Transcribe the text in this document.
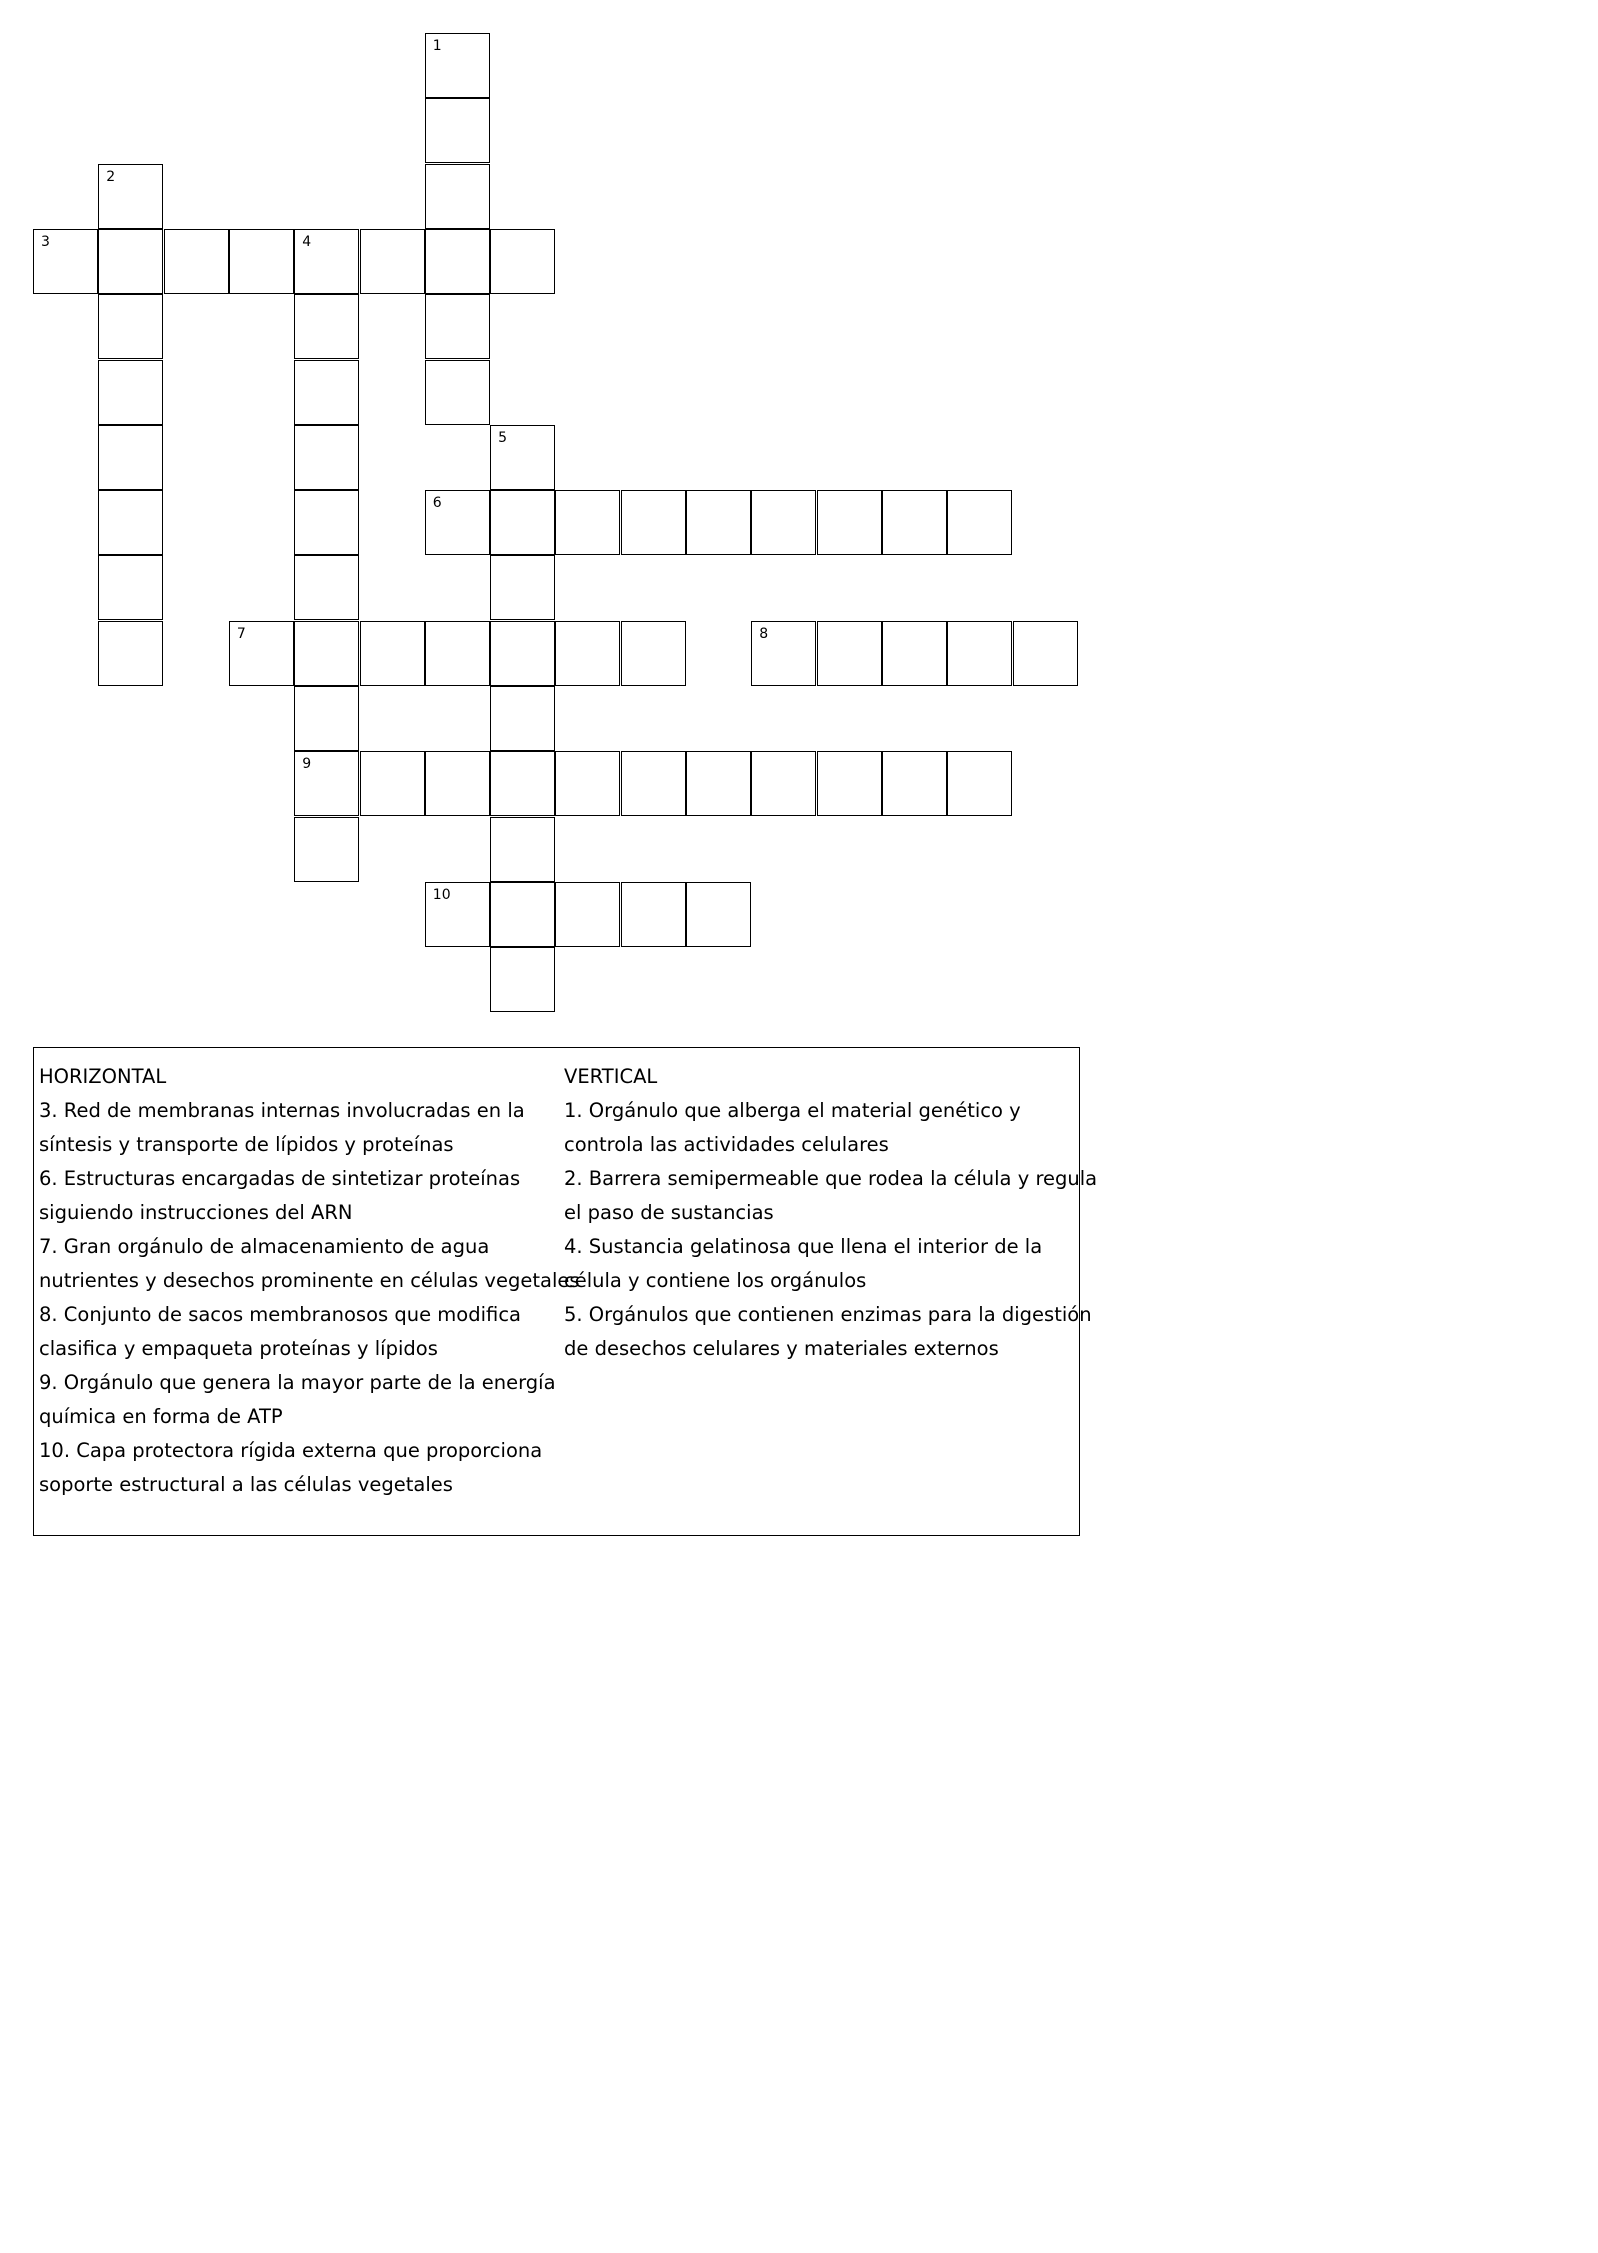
1
2
3	4
5
6
7	8
9
10
HORIZONTAL
3. Red de membranas internas involucradas en la
síntesis y transporte de lípidos y proteínas
6. Estructuras encargadas de sintetizar proteínas
siguiendo instrucciones del ARN
7. Gran orgánulo de almacenamiento de agua
nutrientes y desechos prominente en células vegetales
8. Conjunto de sacos membranosos que modifica
clasifica y empaqueta proteínas y lípidos
9. Orgánulo que genera la mayor parte de la energía
química en forma de ATP
10. Capa protectora rígida externa que proporciona
soporte estructural a las células vegetales
VERTICAL
1. Orgánulo que alberga el material genético y
controla las actividades celulares
2. Barrera semipermeable que rodea la célula y regula
el paso de sustancias
4. Sustancia gelatinosa que llena el interior de la
célula y contiene los orgánulos
5. Orgánulos que contienen enzimas para la digestión
de desechos celulares y materiales externos
